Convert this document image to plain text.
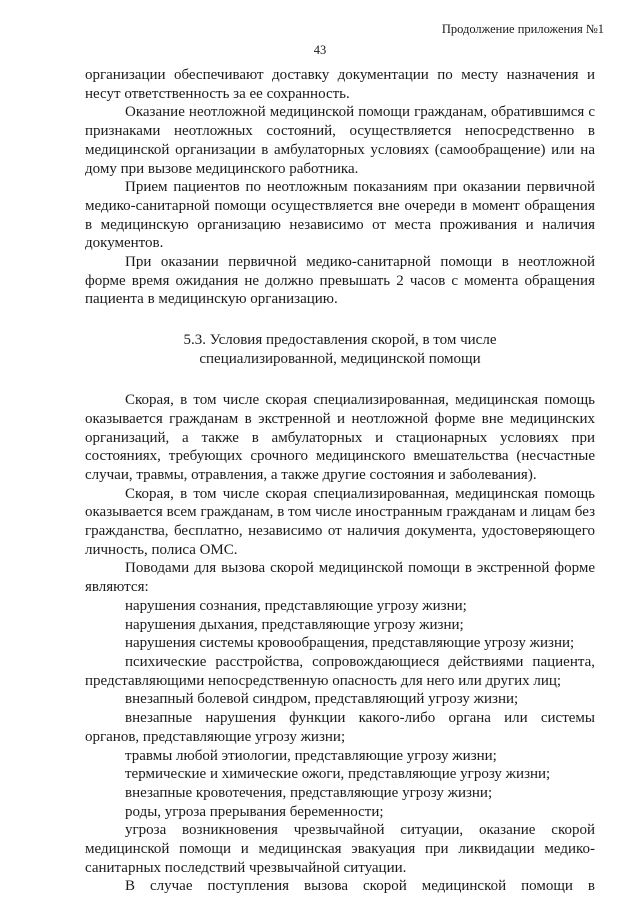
Продолжение приложения №1
43

организации обеспечивают доставку документации по месту назначения и несут ответственность за ее сохранность.

Оказание неотложной медицинской помощи гражданам, обратившимся с признаками неотложных состояний, осуществляется непосредственно в медицинской организации в амбулаторных условиях (самообращение) или на дому при вызове медицинского работника.

Прием пациентов по неотложным показаниям при оказании первичной медико-санитарной помощи осуществляется вне очереди в момент обращения в медицинскую организацию независимо от места проживания и наличия документов.

При оказании первичной медико-санитарной помощи в неотложной форме время ожидания не должно превышать 2 часов с момента обращения пациента в медицинскую организацию.

5.3. Условия предоставления скорой, в том числе
специализированной, медицинской помощи

Скорая, в том числе скорая специализированная, медицинская помощь оказывается гражданам в экстренной и неотложной форме вне медицинских организаций, а также в амбулаторных и стационарных условиях при состояниях, требующих срочного медицинского вмешательства (несчастные случаи, травмы, отравления, а также другие состояния и заболевания).

Скорая, в том числе скорая специализированная, медицинская помощь оказывается всем гражданам, в том числе иностранным гражданам и лицам без гражданства, бесплатно, независимо от наличия документа, удостоверяющего личность, полиса ОМС.

Поводами для вызова скорой медицинской помощи в экстренной форме являются:

нарушения сознания, представляющие угрозу жизни;

нарушения дыхания, представляющие угрозу жизни;

нарушения системы кровообращения, представляющие угрозу жизни;

психические расстройства, сопровождающиеся действиями пациента, представляющими непосредственную опасность для него или других лиц;

внезапный болевой синдром, представляющий угрозу жизни;

внезапные нарушения функции какого-либо органа или системы органов, представляющие угрозу жизни;

травмы любой этиологии, представляющие угрозу жизни;

термические и химические ожоги, представляющие угрозу жизни;

внезапные кровотечения, представляющие угрозу жизни;

роды, угроза прерывания беременности;

угроза возникновения чрезвычайной ситуации, оказание скорой медицинской помощи и медицинская эвакуация при ликвидации медико-санитарных последствий чрезвычайной ситуации.

В случае поступления вызова скорой медицинской помощи в
